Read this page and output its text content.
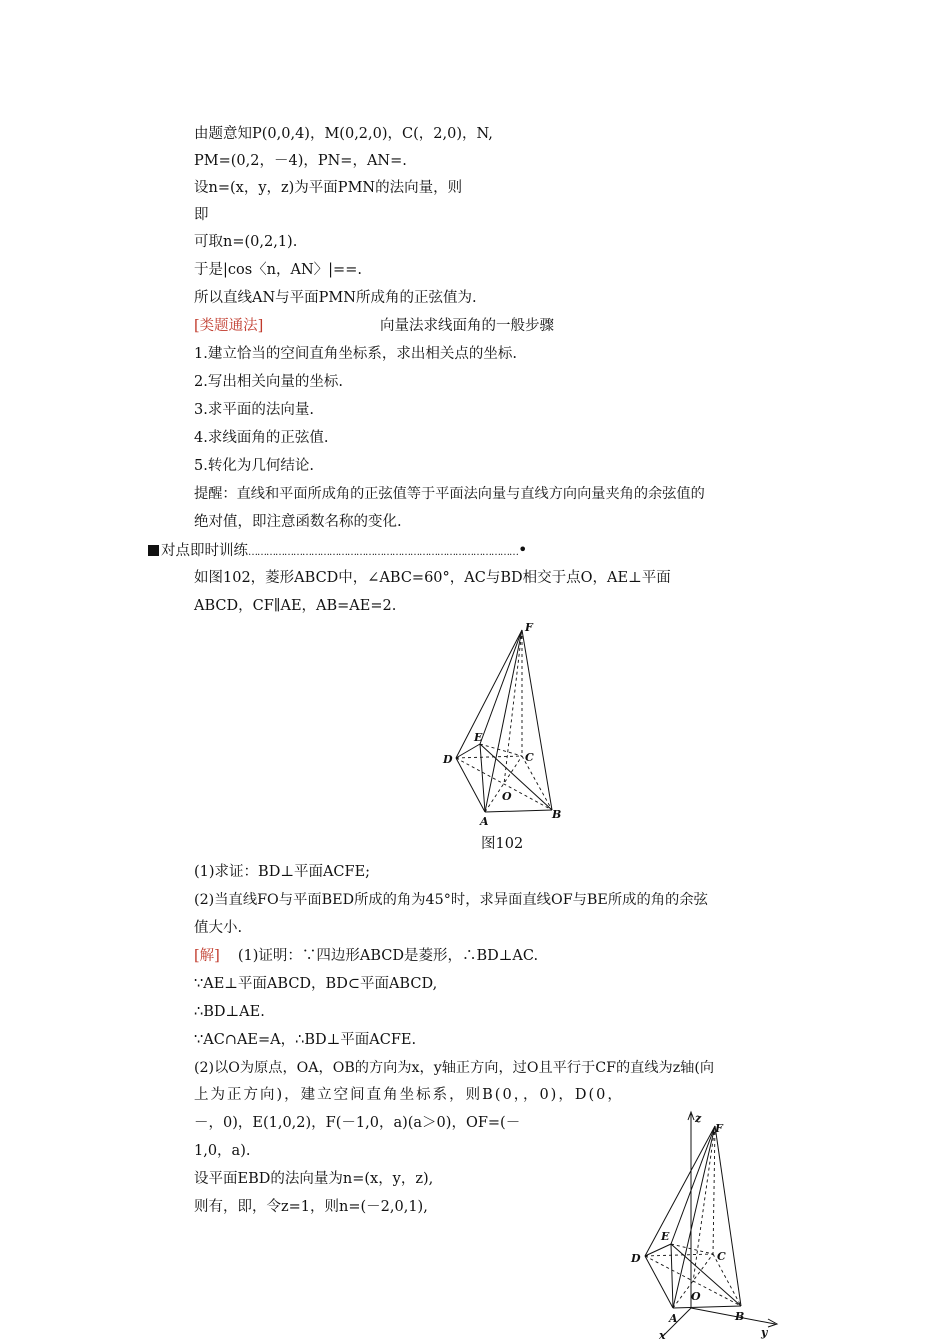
由题意知P(0,0,4)，M(0,2,0)，C(，2,0)，N,
PM=(0,2，－4)，PN=，AN=.
设n=(x，y，z)为平面PMN的法向量，则
即
可取n=(0,2,1).
于是|cos〈n，AN〉|==.
所以直线AN与平面PMN所成角的正弦值为.
[类题通法]	向量法求线面角的一般步骤
1.建立恰当的空间直角坐标系，求出相关点的坐标.
2.写出相关向量的坐标.
3.求平面的法向量.
4.求线面角的正弦值.
5.转化为几何结论.
提醒：直线和平面所成角的正弦值等于平面法向量与直线方向向量夹角的余弦值的
绝对值，即注意函数名称的变化.
对点即时训练………………………………………………………………………………•
如图102，菱形ABCD中，∠ABC=60°，AC与BD相交于点O，AE⊥平面
ABCD，CF∥AE，AB=AE=2.
F
E
D	C
O
A
B
图102
(1)求证：BD⊥平面ACFE;
(2)当直线FO与平面BED所成的角为45°时，求异面直线OF与BE所成的角的余弦
值大小.
[解] (1)证明：∵四边形ABCD是菱形，∴BD⊥AC.
∵AE⊥平面ABCD，BD⊂平面ABCD,
∴BD⊥AE.
∵AC∩AE=A，∴BD⊥平面ACFE.
(2)以O为原点，OA，OB的方向为x，y轴正方向，过O且平行于CF的直线为z轴(向
上为正方向)，建立空间直角坐标系，则B(0，，0)，D(0，
－，0)，E(1,0,2)，F(－1,0，a)(a＞0)，OF=(－
1,0，a).
设平面EBD的法向量为n=(x，y，z),
则有，即，令z=1，则n=(－2,0,1),
z
F
E
D	C
O
A	B
x	y
